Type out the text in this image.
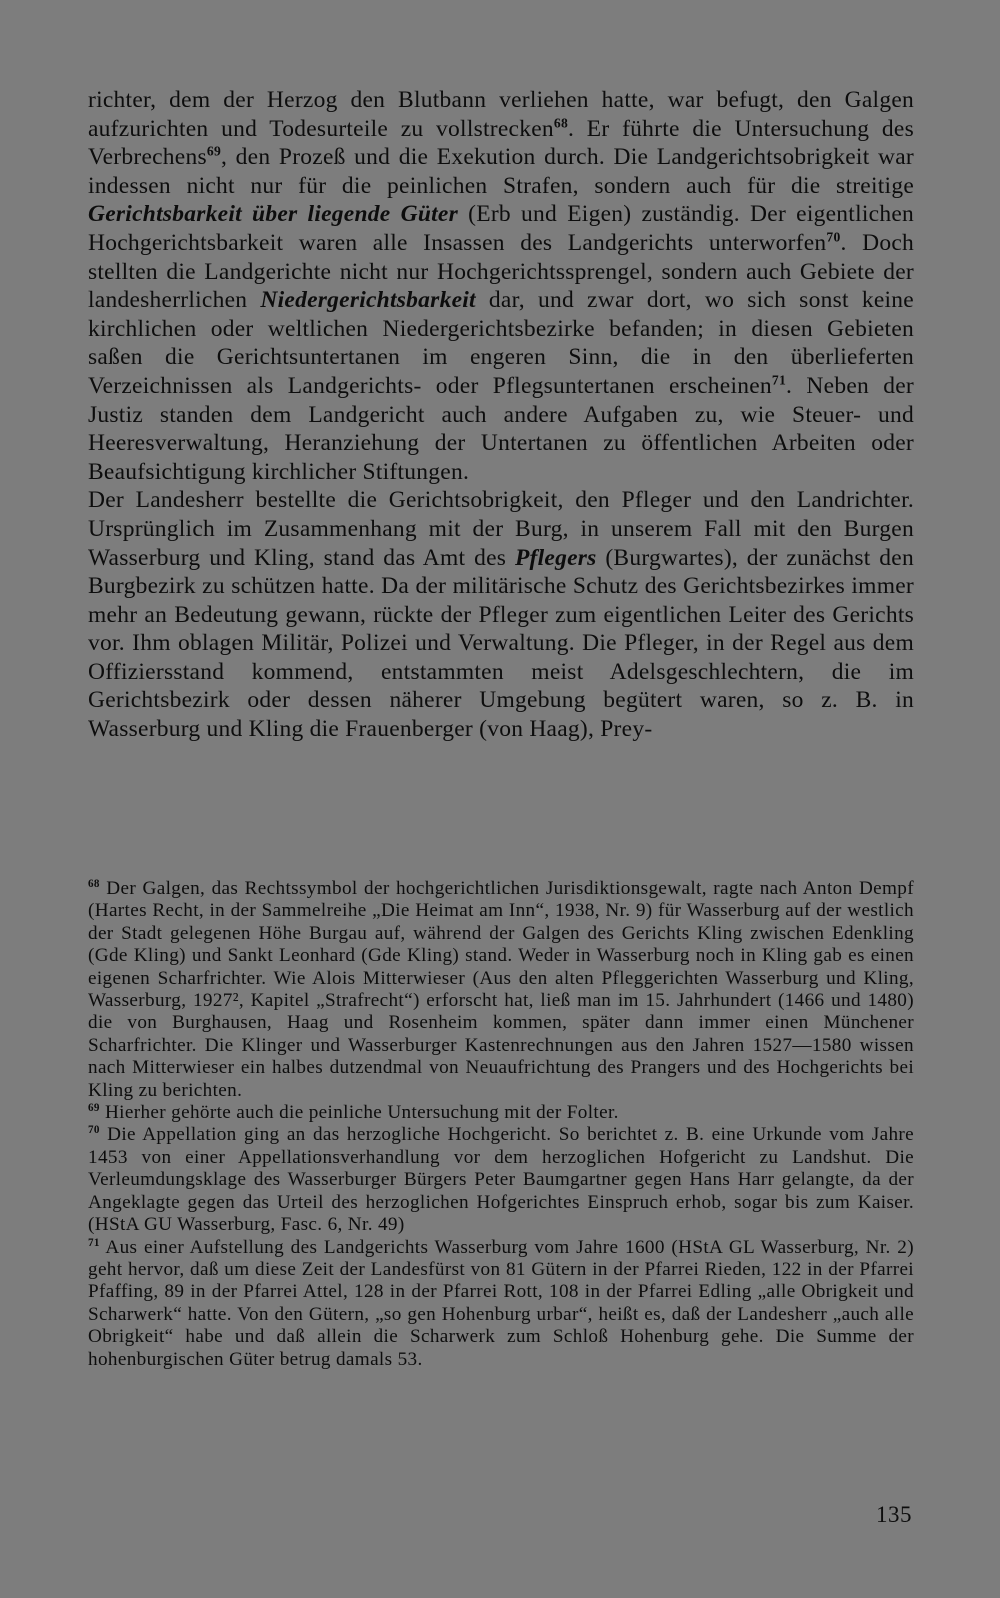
richter, dem der Herzog den Blutbann verliehen hatte, war befugt, den Galgen aufzurichten und Todesurteile zu vollstrecken$^{68}$. Er führte die Untersuchung des Verbrechens$^{69}$, den Prozeß und die Exekution durch. Die Landgerichtsobrigkeit war indessen nicht nur für die peinlichen Strafen, sondern auch für die streitige Gerichtsbarkeit über liegende Güter (Erb und Eigen) zuständig. Der eigentlichen Hochgerichtsbarkeit waren alle Insassen des Landgerichts unterworfen$^{70}$. Doch stellten die Landgerichte nicht nur Hochgerichtssprengel, sondern auch Gebiete der landesherrlichen Niedergerichtsbarkeit dar, und zwar dort, wo sich sonst keine kirchlichen oder weltlichen Niedergerichtsbezirke befanden; in diesen Gebieten saßen die Gerichtsuntertanen im engeren Sinn, die in den überlieferten Verzeichnissen als Landgerichts- oder Pflegsuntertanen erscheinen$^{71}$. Neben der Justiz standen dem Landgericht auch andere Aufgaben zu, wie Steuer- und Heeresverwaltung, Heranziehung der Untertanen zu öffentlichen Arbeiten oder Beaufsichtigung kirchlicher Stiftungen.

Der Landesherr bestellte die Gerichtsobrigkeit, den Pfleger und den Landrichter. Ursprünglich im Zusammenhang mit der Burg, in unserem Fall mit den Burgen Wasserburg und Kling, stand das Amt des Pflegers (Burgwartes), der zunächst den Burgbezirk zu schützen hatte. Da der militärische Schutz des Gerichtsbezirkes immer mehr an Bedeutung gewann, rückte der Pfleger zum eigentlichen Leiter des Gerichts vor. Ihm oblagen Militär, Polizei und Verwaltung. Die Pfleger, in der Regel aus dem Offiziersstand kommend, entstammten meist Adelsgeschlechtern, die im Gerichtsbezirk oder dessen näherer Umgebung begütert waren, so z. B. in Wasserburg und Kling die Frauenberger (von Haag), Prey-

$^{68}$ Der Galgen, das Rechtssymbol der hochgerichtlichen Jurisdiktionsgewalt, ragte nach Anton Dempf (Hartes Recht, in der Sammelreihe „Die Heimat am Inn“, 1938, Nr. 9) für Wasserburg auf der westlich der Stadt gelegenen Höhe Burgau auf, während der Galgen des Gerichts Kling zwischen Edenkling (Gde Kling) und Sankt Leonhard (Gde Kling) stand. Weder in Wasserburg noch in Kling gab es einen eigenen Scharfrichter. Wie Alois Mitterwieser (Aus den alten Pfleggerichten Wasserburg und Kling, Wasserburg, 1927², Kapitel „Strafrecht“) erforscht hat, ließ man im 15. Jahrhundert (1466 und 1480) die von Burghausen, Haag und Rosenheim kommen, später dann immer einen Münchener Scharfrichter. Die Klinger und Wasserburger Kastenrechnungen aus den Jahren 1527—1580 wissen nach Mitterwieser ein halbes dutzendmal von Neuaufrichtung des Prangers und des Hochgerichts bei Kling zu berichten.

$^{69}$ Hierher gehörte auch die peinliche Untersuchung mit der Folter.

$^{70}$ Die Appellation ging an das herzogliche Hochgericht. So berichtet z. B. eine Urkunde vom Jahre 1453 von einer Appellationsverhandlung vor dem herzoglichen Hofgericht zu Landshut. Die Verleumdungsklage des Wasserburger Bürgers Peter Baumgartner gegen Hans Harr gelangte, da der Angeklagte gegen das Urteil des herzoglichen Hofgerichtes Einspruch erhob, sogar bis zum Kaiser. (HStA GU Wasserburg, Fasc. 6, Nr. 49)

$^{71}$ Aus einer Aufstellung des Landgerichts Wasserburg vom Jahre 1600 (HStA GL Wasserburg, Nr. 2) geht hervor, daß um diese Zeit der Landesfürst von 81 Gütern in der Pfarrei Rieden, 122 in der Pfarrei Pfaffing, 89 in der Pfarrei Attel, 128 in der Pfarrei Rott, 108 in der Pfarrei Edling „alle Obrigkeit und Scharwerk“ hatte. Von den Gütern, „so gen Hohenburg urbar“, heißt es, daß der Landesherr „auch alle Obrigkeit“ habe und daß allein die Scharwerk zum Schloß Hohenburg gehe. Die Summe der hohenburgischen Güter betrug damals 53.

135
